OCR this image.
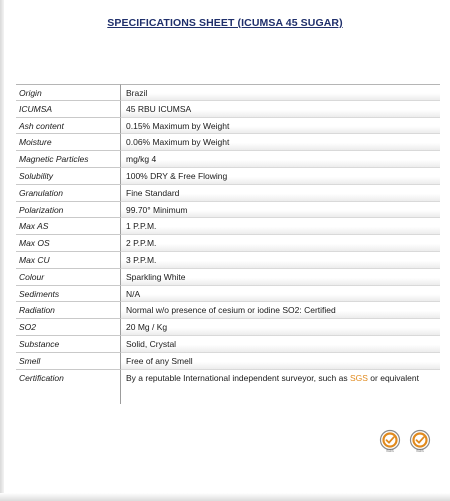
SPECIFICATIONS SHEET (ICUMSA 45 SUGAR)
Origin	Brazil
ICUMSA	45 RBU ICUMSA
Ash content	0.15% Maximum by Weight
Moisture	0.06% Maximum by Weight
Magnetic Particles	mg/kg 4
Solubility	100% DRY & Free Flowing
Granulation	Fine Standard
Polarization	99.70° Minimum
Max AS	1 P.P.M.
Max OS	2 P.P.M.
Max CU	3 P.P.M.
Colour	Sparkling White
Sediments	N/A
Radiation	Normal w/o presence of cesium or iodine SO2: Certified
SO2	20 Mg / Kg
Substance	Solid, Crystal
Smell	Free of any Smell
Certification	By a reputable International independent surveyor, such as SGS or equivalent
SGS	SGS
